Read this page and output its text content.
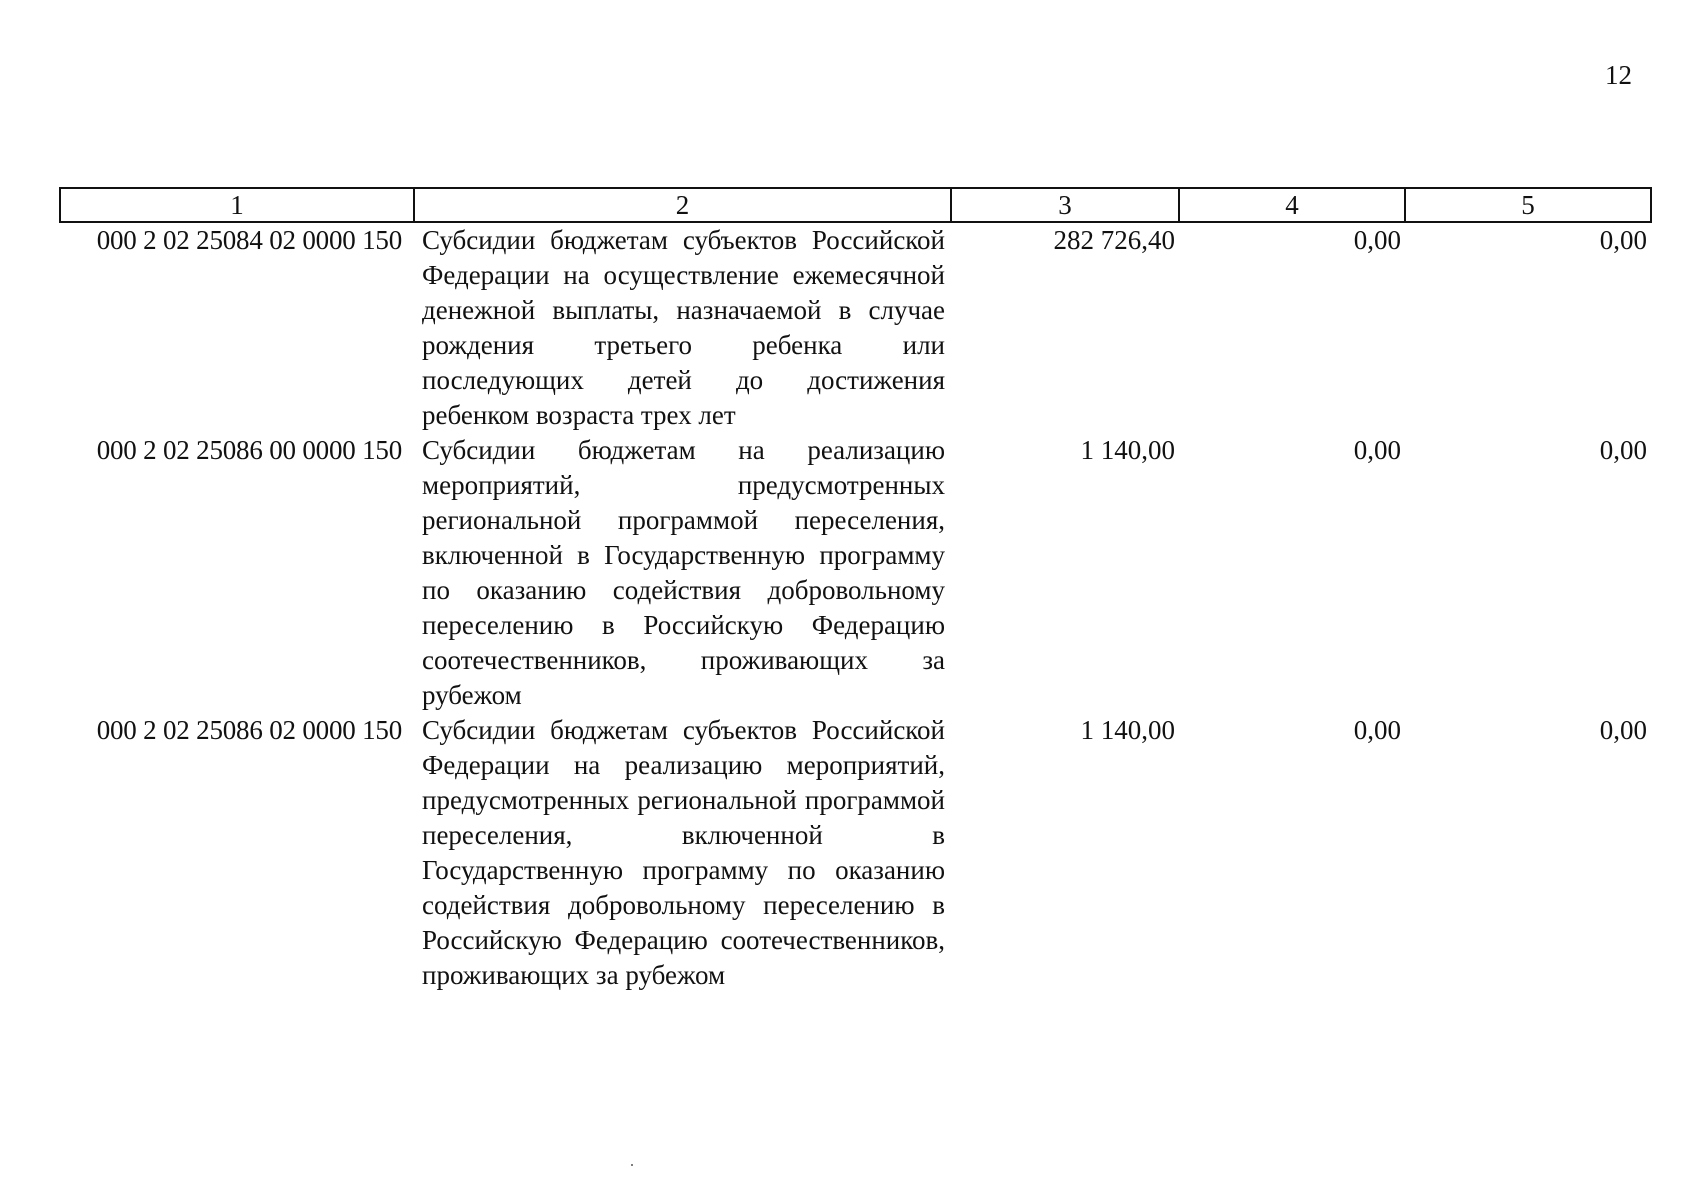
12
1	2	3	4	5
000 2 02 25084 02 0000 150	Субсидии бюджетам субъектов Российской Федерации на осуществление ежемесячной денежной выплаты, назначаемой в случае рождения третьего ребенка или последующих детей до достижения ребенком возраста трех лет	282 726,40	0,00	0,00
000 2 02 25086 00 0000 150	Субсидии бюджетам на реализацию мероприятий, предусмотренных региональной программой переселения, включенной в Государственную программу по оказанию содействия добровольному переселению в Российскую Федерацию соотечественников, проживающих за рубежом	1 140,00	0,00	0,00
000 2 02 25086 02 0000 150	Субсидии бюджетам субъектов Российской Федерации на реализацию мероприятий, предусмотренных региональной программой переселения, включенной в Государственную программу по оказанию содействия добровольному переселению в Российскую Федерацию соотечественников, проживающих за рубежом	1 140,00	0,00	0,00
